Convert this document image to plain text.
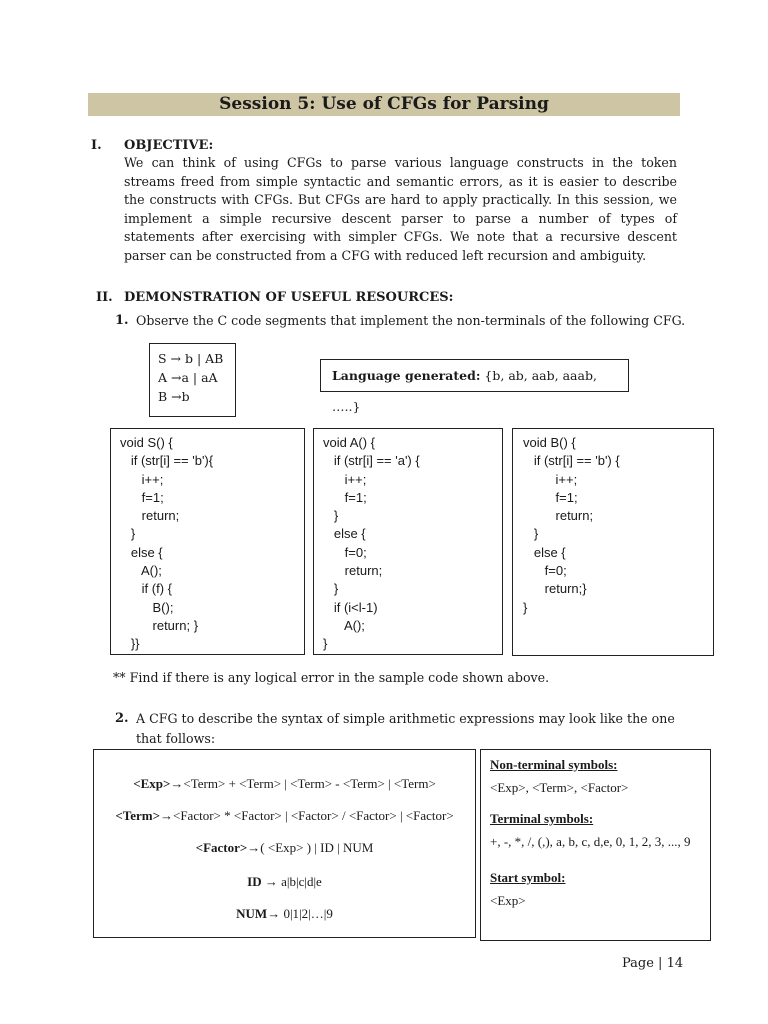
Session 5: Use of CFGs for Parsing
I. OBJECTIVE:
We can think of using CFGs to parse various language constructs in the token streams freed from simple syntactic and semantic errors, as it is easier to describe the constructs with CFGs. But CFGs are hard to apply practically. In this session, we implement a simple recursive descent parser to parse a number of types of statements after exercising with simpler CFGs. We note that a recursive descent parser can be constructed from a CFG with reduced left recursion and ambiguity.
II. DEMONSTRATION OF USEFUL RESOURCES:
1. Observe the C code segments that implement the non-terminals of the following CFG.
S → b | AB
A →a | aA
B →b
Language generated: {b, ab, aab, aaab, …..}
void S() {
if (str[i] == 'b'){
i++;
f=1;
return;
}
else {
A();
if (f) {
B();
return; }
}}
void A() {
if (str[i] == 'a') {
i++;
f=1;
}
else {
f=0;
return;
}
if (i<l-1)
A();
}
void B() {
if (str[i] == 'b') {
i++;
f=1;
return;
}
else {
f=0;
return;}
}
** Find if there is any logical error in the sample code shown above.
2. A CFG to describe the syntax of simple arithmetic expressions may look like the one
that follows:
<Exp>→<Term> + <Term> | <Term> - <Term> | <Term>
<Term>→<Factor> * <Factor> | <Factor> / <Factor> | <Factor>
<Factor>→( <Exp> ) | ID | NUM
ID → a|b|c|d|e
NUM→ 0|1|2|…|9
Non-terminal symbols:
<Exp>, <Term>, <Factor>
Terminal symbols:
+, -, *, /, (,), a, b, c, d,e, 0, 1, 2, 3, ..., 9
Start symbol:
<Exp>
Page | 14
